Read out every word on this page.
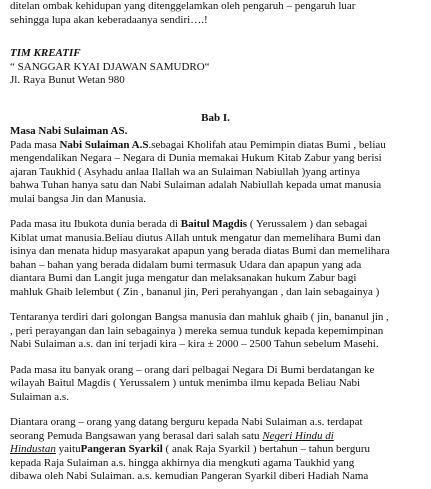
ditelan ombak kehidupan yang ditenggelamkan oleh pengaruh – pengaruh luar
sehingga lupa akan keberadaanya sendiri….!
TIM KREATIF
“ SANGGAR KYAI DJAWAN SAMUDRO“
Jl. Raya Bunut Wetan 980
Bab I.
Masa Nabi Sulaiman AS.
Pada masa Nabi Sulaiman A.S.sebagai Kholifah atau Pemimpin diatas Bumi , beliau
mengendalikan Negara – Negara di Dunia memakai Hukum Kitab Zabur yang berisi
ajaran Taukhid ( Asyhadu anlaa Ilallah wa an Sulaiman Nabiullah )yang artinya
bahwa Tuhan hanya satu dan Nabi Sulaiman adalah Nabiullah kepada umat manusia
mulai bangsa Jin dan Manusia.
Pada masa itu Ibukota dunia berada di Baitul Magdis ( Yerussalem ) dan sebagai
Kiblat umat manusia.Beliau diutus Allah untuk mengatur dan memelihara Bumi dan
isinya dan menata hidup masyarakat apapun yang berada diatas Bumi dan memelihara
bahan – bahan yang berada didalam bumi termasuk Udara dan apapun yang ada
diantara Bumi dan Langit juga mengatur dan melaksanakan hukum Zabur bagi
mahluk Ghaib lelembut ( Zin , bananul jin, Peri perahyangan , dan lain sebagainya )
Tentaranya terdiri dari golongan Bangsa manusia dan mahluk ghaib ( jin, bananul jin ,
, peri perayangan dan lain sebagainya ) mereka semua tunduk kepada kepemimpinan
Nabi Sulaiman a.s. dan ini terjadi kira – kira ± 2000 – 2500 Tahun sebelum Masehi.
Pada masa itu banyak orang – orang dari pelbagai Negara Di Bumi berdatangan ke
wilayah Baitul Magdis ( Yerussalem ) untuk menimba ilmu kepada Beliau Nabi
Sulaiman a.s.
Diantara orang – orang yang datang berguru kepada Nabi Sulaiman a.s. terdapat
seorang Pemuda Bangsawan yang berasal dari salah satu Negeri Hindu di
Hindustan yaituPangeran Syarkil ( anak Raja Syarkil ) bertahun – tahun berguru
kepada Raja Sulaiman a.s. hingga akhirnya dia mengkuti agama Taukhid yang
dibawa oleh Nabi Sulaiman. a.s. kemudian Pangeran Syarkil diberi Hadiah Nama
